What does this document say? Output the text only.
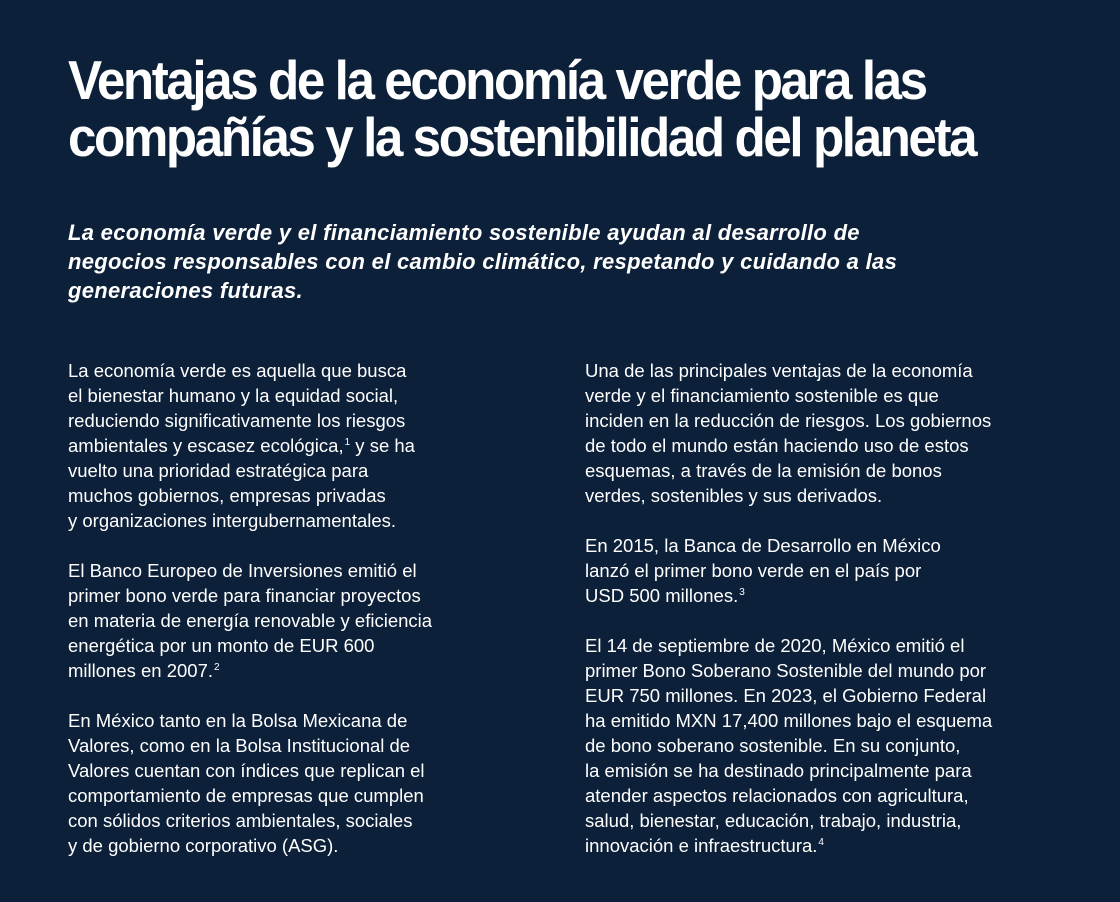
Ventajas de la economía verde para las
compañías y la sostenibilidad del planeta

La economía verde y el financiamiento sostenible ayudan al desarrollo de
negocios responsables con el cambio climático, respetando y cuidando a las
generaciones futuras.

La economía verde es aquella que busca
el bienestar humano y la equidad social,
reduciendo significativamente los riesgos
ambientales y escasez ecológica,$^1$ y se ha
vuelto una prioridad estratégica para
muchos gobiernos, empresas privadas
y organizaciones intergubernamentales.

El Banco Europeo de Inversiones emitió el
primer bono verde para financiar proyectos
en materia de energía renovable y eficiencia
energética por un monto de EUR 600
millones en 2007.$^2$

En México tanto en la Bolsa Mexicana de
Valores, como en la Bolsa Institucional de
Valores cuentan con índices que replican el
comportamiento de empresas que cumplen
con sólidos criterios ambientales, sociales
y de gobierno corporativo (ASG).

Una de las principales ventajas de la economía
verde y el financiamiento sostenible es que
inciden en la reducción de riesgos. Los gobiernos
de todo el mundo están haciendo uso de estos
esquemas, a través de la emisión de bonos
verdes, sostenibles y sus derivados.

En 2015, la Banca de Desarrollo en México
lanzó el primer bono verde en el país por
USD 500 millones.$^3$

El 14 de septiembre de 2020, México emitió el
primer Bono Soberano Sostenible del mundo por
EUR 750 millones. En 2023, el Gobierno Federal
ha emitido MXN 17,400 millones bajo el esquema
de bono soberano sostenible. En su conjunto,
la emisión se ha destinado principalmente para
atender aspectos relacionados con agricultura,
salud, bienestar, educación, trabajo, industria,
innovación e infraestructura.$^4$
